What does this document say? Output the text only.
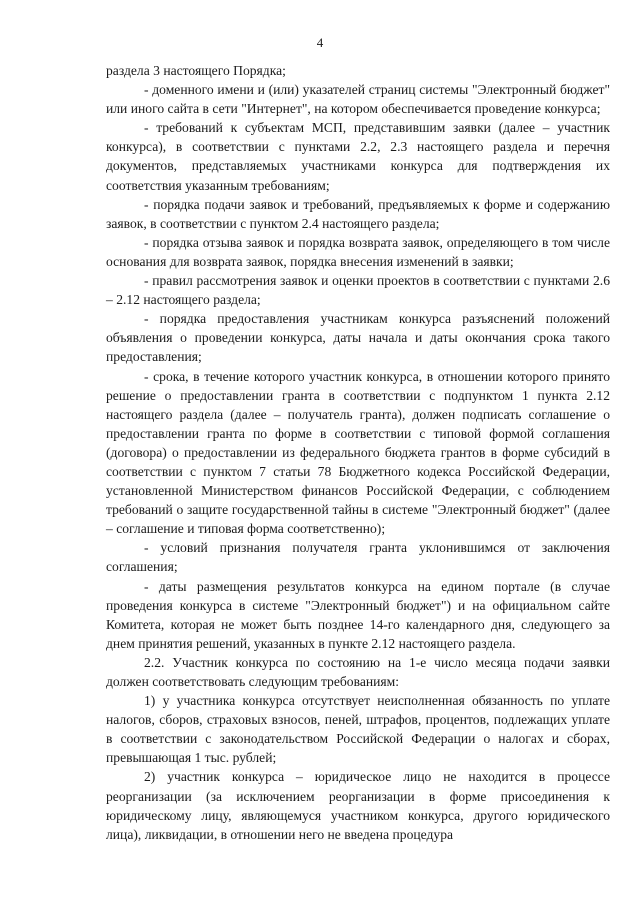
4

раздела 3 настоящего Порядка;

- доменного имени и (или) указателей страниц системы "Электронный бюджет" или иного сайта в сети "Интернет", на котором обеспечивается проведение конкурса;

- требований к субъектам МСП, представившим заявки (далее – участник конкурса), в соответствии с пунктами 2.2, 2.3 настоящего раздела и перечня документов, представляемых участниками конкурса для подтверждения их соответствия указанным требованиям;

- порядка подачи заявок и требований, предъявляемых к форме и содержанию заявок, в соответствии с пунктом 2.4 настоящего раздела;

- порядка отзыва заявок и порядка возврата заявок, определяющего в том числе основания для возврата заявок, порядка внесения изменений в заявки;

- правил рассмотрения заявок и оценки проектов в соответствии с пунктами 2.6 – 2.12 настоящего раздела;

- порядка предоставления участникам конкурса разъяснений положений объявления о проведении конкурса, даты начала и даты окончания срока такого предоставления;

- срока, в течение которого участник конкурса, в отношении которого принято решение о предоставлении гранта в соответствии с подпунктом 1 пункта 2.12 настоящего раздела (далее – получатель гранта), должен подписать соглашение о предоставлении гранта по форме в соответствии с типовой формой соглашения (договора) о предоставлении из федерального бюджета грантов в форме субсидий в соответствии с пунктом 7 статьи 78 Бюджетного кодекса Российской Федерации, установленной Министерством финансов Российской Федерации, с соблюдением требований о защите государственной тайны в системе "Электронный бюджет" (далее – соглашение и типовая форма соответственно);

- условий признания получателя гранта уклонившимся от заключения соглашения;

- даты размещения результатов конкурса на едином портале (в случае проведения конкурса в системе "Электронный бюджет") и на официальном сайте Комитета, которая не может быть позднее 14-го календарного дня, следующего за днем принятия решений, указанных в пункте 2.12 настоящего раздела.

2.2. Участник конкурса по состоянию на 1-е число месяца подачи заявки должен соответствовать следующим требованиям:

1) у участника конкурса отсутствует неисполненная обязанность по уплате налогов, сборов, страховых взносов, пеней, штрафов, процентов, подлежащих уплате в соответствии с законодательством Российской Федерации о налогах и сборах, превышающая 1 тыс. рублей;

2) участник конкурса – юридическое лицо не находится в процессе реорганизации (за исключением реорганизации в форме присоединения к юридическому лицу, являющемуся участником конкурса, другого юридического лица), ликвидации, в отношении него не введена процедура
